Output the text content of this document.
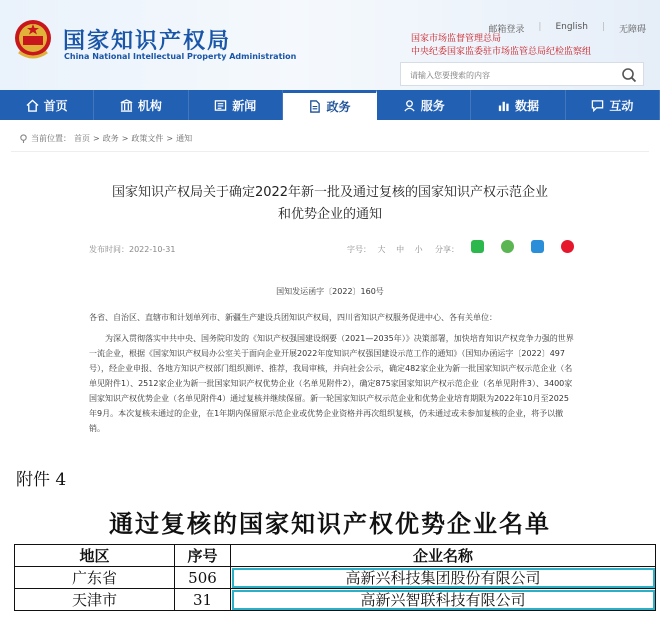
国家知识产权局
China National Intellectual Property Administration
邮箱登录 | English | 无障碍
国家市场监督管理总局
中央纪委国家监委驻市场监管总局纪检监察组
请输入您要搜索的内容
首页	机构	新闻	政务	服务	数据	互动
当前位置： 首页 > 政务 > 政策文件 > 通知
国家知识产权局关于确定2022年新一批及通过复核的国家知识产权示范企业
和优势企业的通知
发布时间：2022-10-31	字号： 大 中 小 分享：
国知发运函字〔2022〕160号

各省、自治区、直辖市和计划单列市、新疆生产建设兵团知识产权局，四川省知识产权服务促进中心、各有关单位：

为深入贯彻落实中共中央、国务院印发的《知识产权强国建设纲要（2021—2035年）》决策部署，加快培育知识产权竞争力强的世界一流企业，根据《国家知识产权局办公室关于面向企业开展2022年度知识产权强国建设示范工作的通知》（国知办函运字〔2022〕497号），经企业申报、各地方知识产权部门组织测评、推荐，我局审核，并向社会公示，确定482家企业为新一批国家知识产权示范企业（名单见附件1）、2512家企业为新一批国家知识产权优势企业（名单见附件2），确定875家国家知识产权示范企业（名单见附件3）、3400家国家知识产权优势企业（名单见附件4）通过复核并继续保留。新一轮国家知识产权示范企业和优势企业培育期限为2022年10月至2025年9月。本次复核未通过的企业，在1年期内保留原示范企业或优势企业资格并再次组织复核，仍未通过或未参加复核的企业，将予以撤销。

附件 4
通过复核的国家知识产权优势企业名单
地区	序号	企业名称
广东省	506	高新兴科技集团股份有限公司
天津市	31	高新兴智联科技有限公司
